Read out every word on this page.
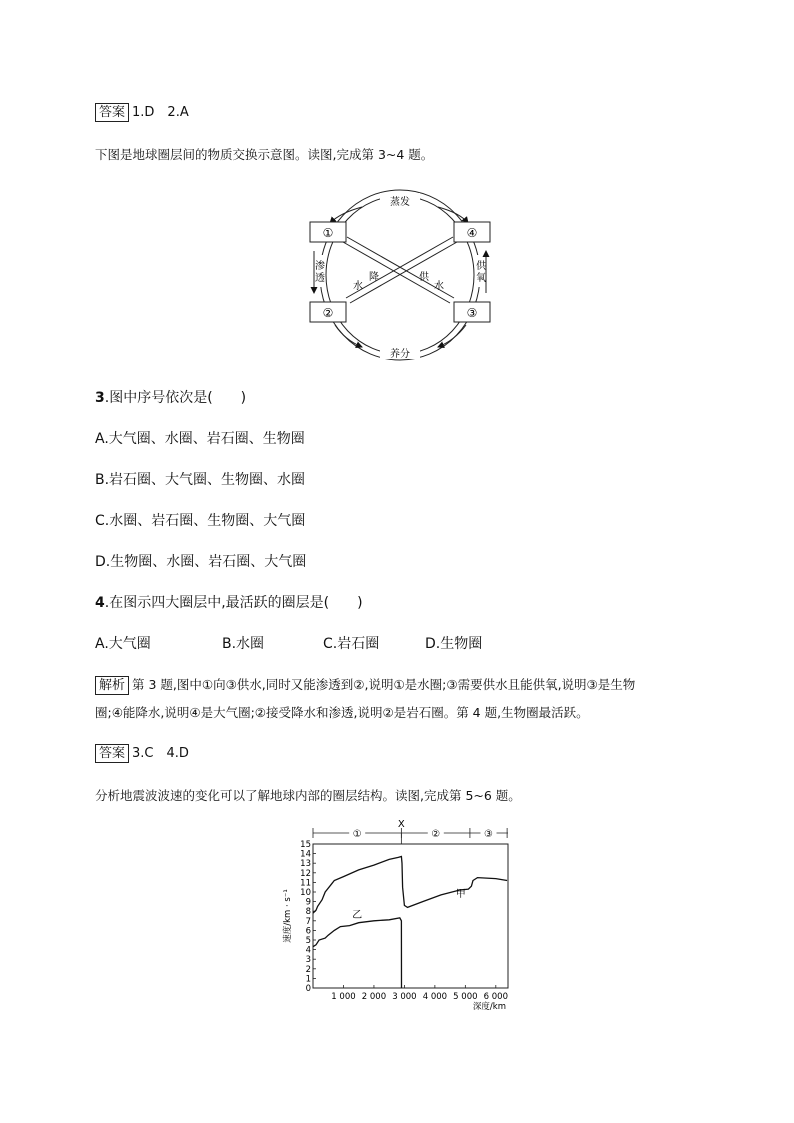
答案 1.D　2.A
下图是地球圈层间的物质交换示意图。读图,完成第 3~4 题。
①	④
②	③
蒸发
养分
渗
透
供
氧
水
降	供
水
3.图中序号依次是(　　)
A.大气圈、水圈、岩石圈、生物圈
B.岩石圈、大气圈、生物圈、水圈
C.水圈、岩石圈、生物圈、大气圈
D.生物圈、水圈、岩石圈、大气圈
4.在图示四大圈层中,最活跃的圈层是(　　)
A.大气圈	B.水圈	C.岩石圈	D.生物圈
解析 第 3 题,图中①向③供水,同时又能渗透到②,说明①是水圈;③需要供水且能供氧,说明③是生物
圈;④能降水,说明④是大气圈;②接受降水和渗透,说明②是岩石圈。第 4 题,生物圈最活跃。
答案 3.C　4.D
分析地震波波速的变化可以了解地球内部的圈层结构。读图,完成第 5~6 题。
0
1
2
3
4
5
6
7
8
9
10
11
12
13
14
15
1 000 2 000 3 000 4 000 5 000 6 000
深度/km
速度/km · s⁻¹
①
X
②	③
甲
乙
